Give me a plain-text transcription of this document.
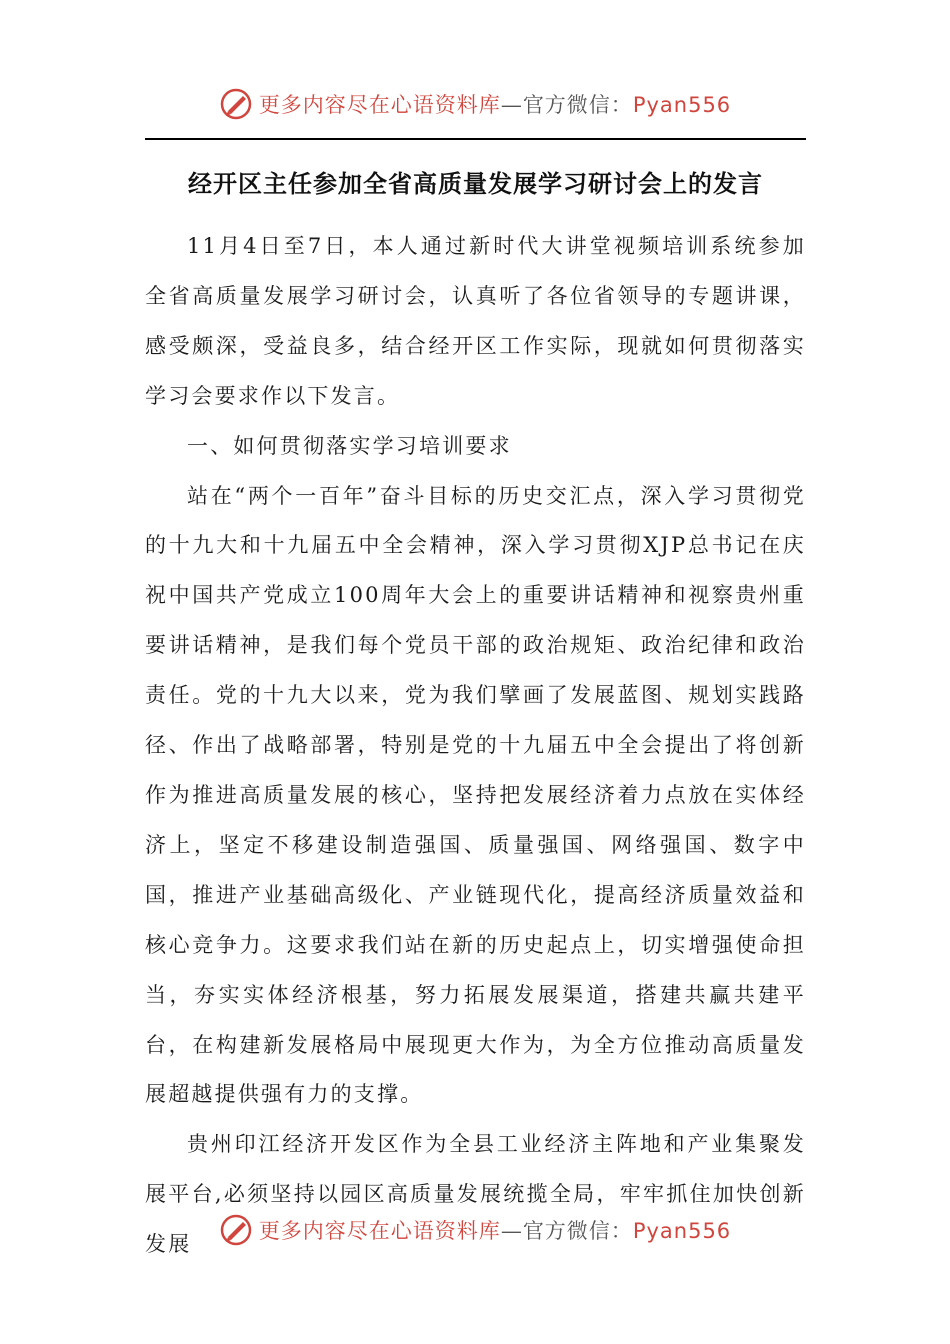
更多内容尽在心语资料库—官方微信：Pyan556
经开区主任参加全省高质量发展学习研讨会上的发言

11月4日至7日，本人通过新时代大讲堂视频培训系统参加全省高质量发展学习研讨会，认真听了各位省领导的专题讲课，感受颇深，受益良多，结合经开区工作实际，现就如何贯彻落实学习会要求作以下发言。

一、如何贯彻落实学习培训要求

站在“两个一百年”奋斗目标的历史交汇点，深入学习贯彻党的十九大和十九届五中全会精神，深入学习贯彻XJP总书记在庆祝中国共产党成立100周年大会上的重要讲话精神和视察贵州重要讲话精神，是我们每个党员干部的政治规矩、政治纪律和政治责任。党的十九大以来，党为我们擘画了发展蓝图、规划实践路径、作出了战略部署，特别是党的十九届五中全会提出了将创新作为推进高质量发展的核心，坚持把发展经济着力点放在实体经济上，坚定不移建设制造强国、质量强国、网络强国、数字中国，推进产业基础高级化、产业链现代化，提高经济质量效益和核心竞争力。这要求我们站在新的历史起点上，切实增强使命担当，夯实实体经济根基，努力拓展发展渠道，搭建共赢共建平台，在构建新发展格局中展现更大作为，为全方位推动高质量发展超越提供强有力的支撑。

贵州印江经济开发区作为全县工业经济主阵地和产业集聚发展平台,必须坚持以园区高质量发展统揽全局，牢牢抓住加快创新发展

更多内容尽在心语资料库—官方微信：Pyan556
